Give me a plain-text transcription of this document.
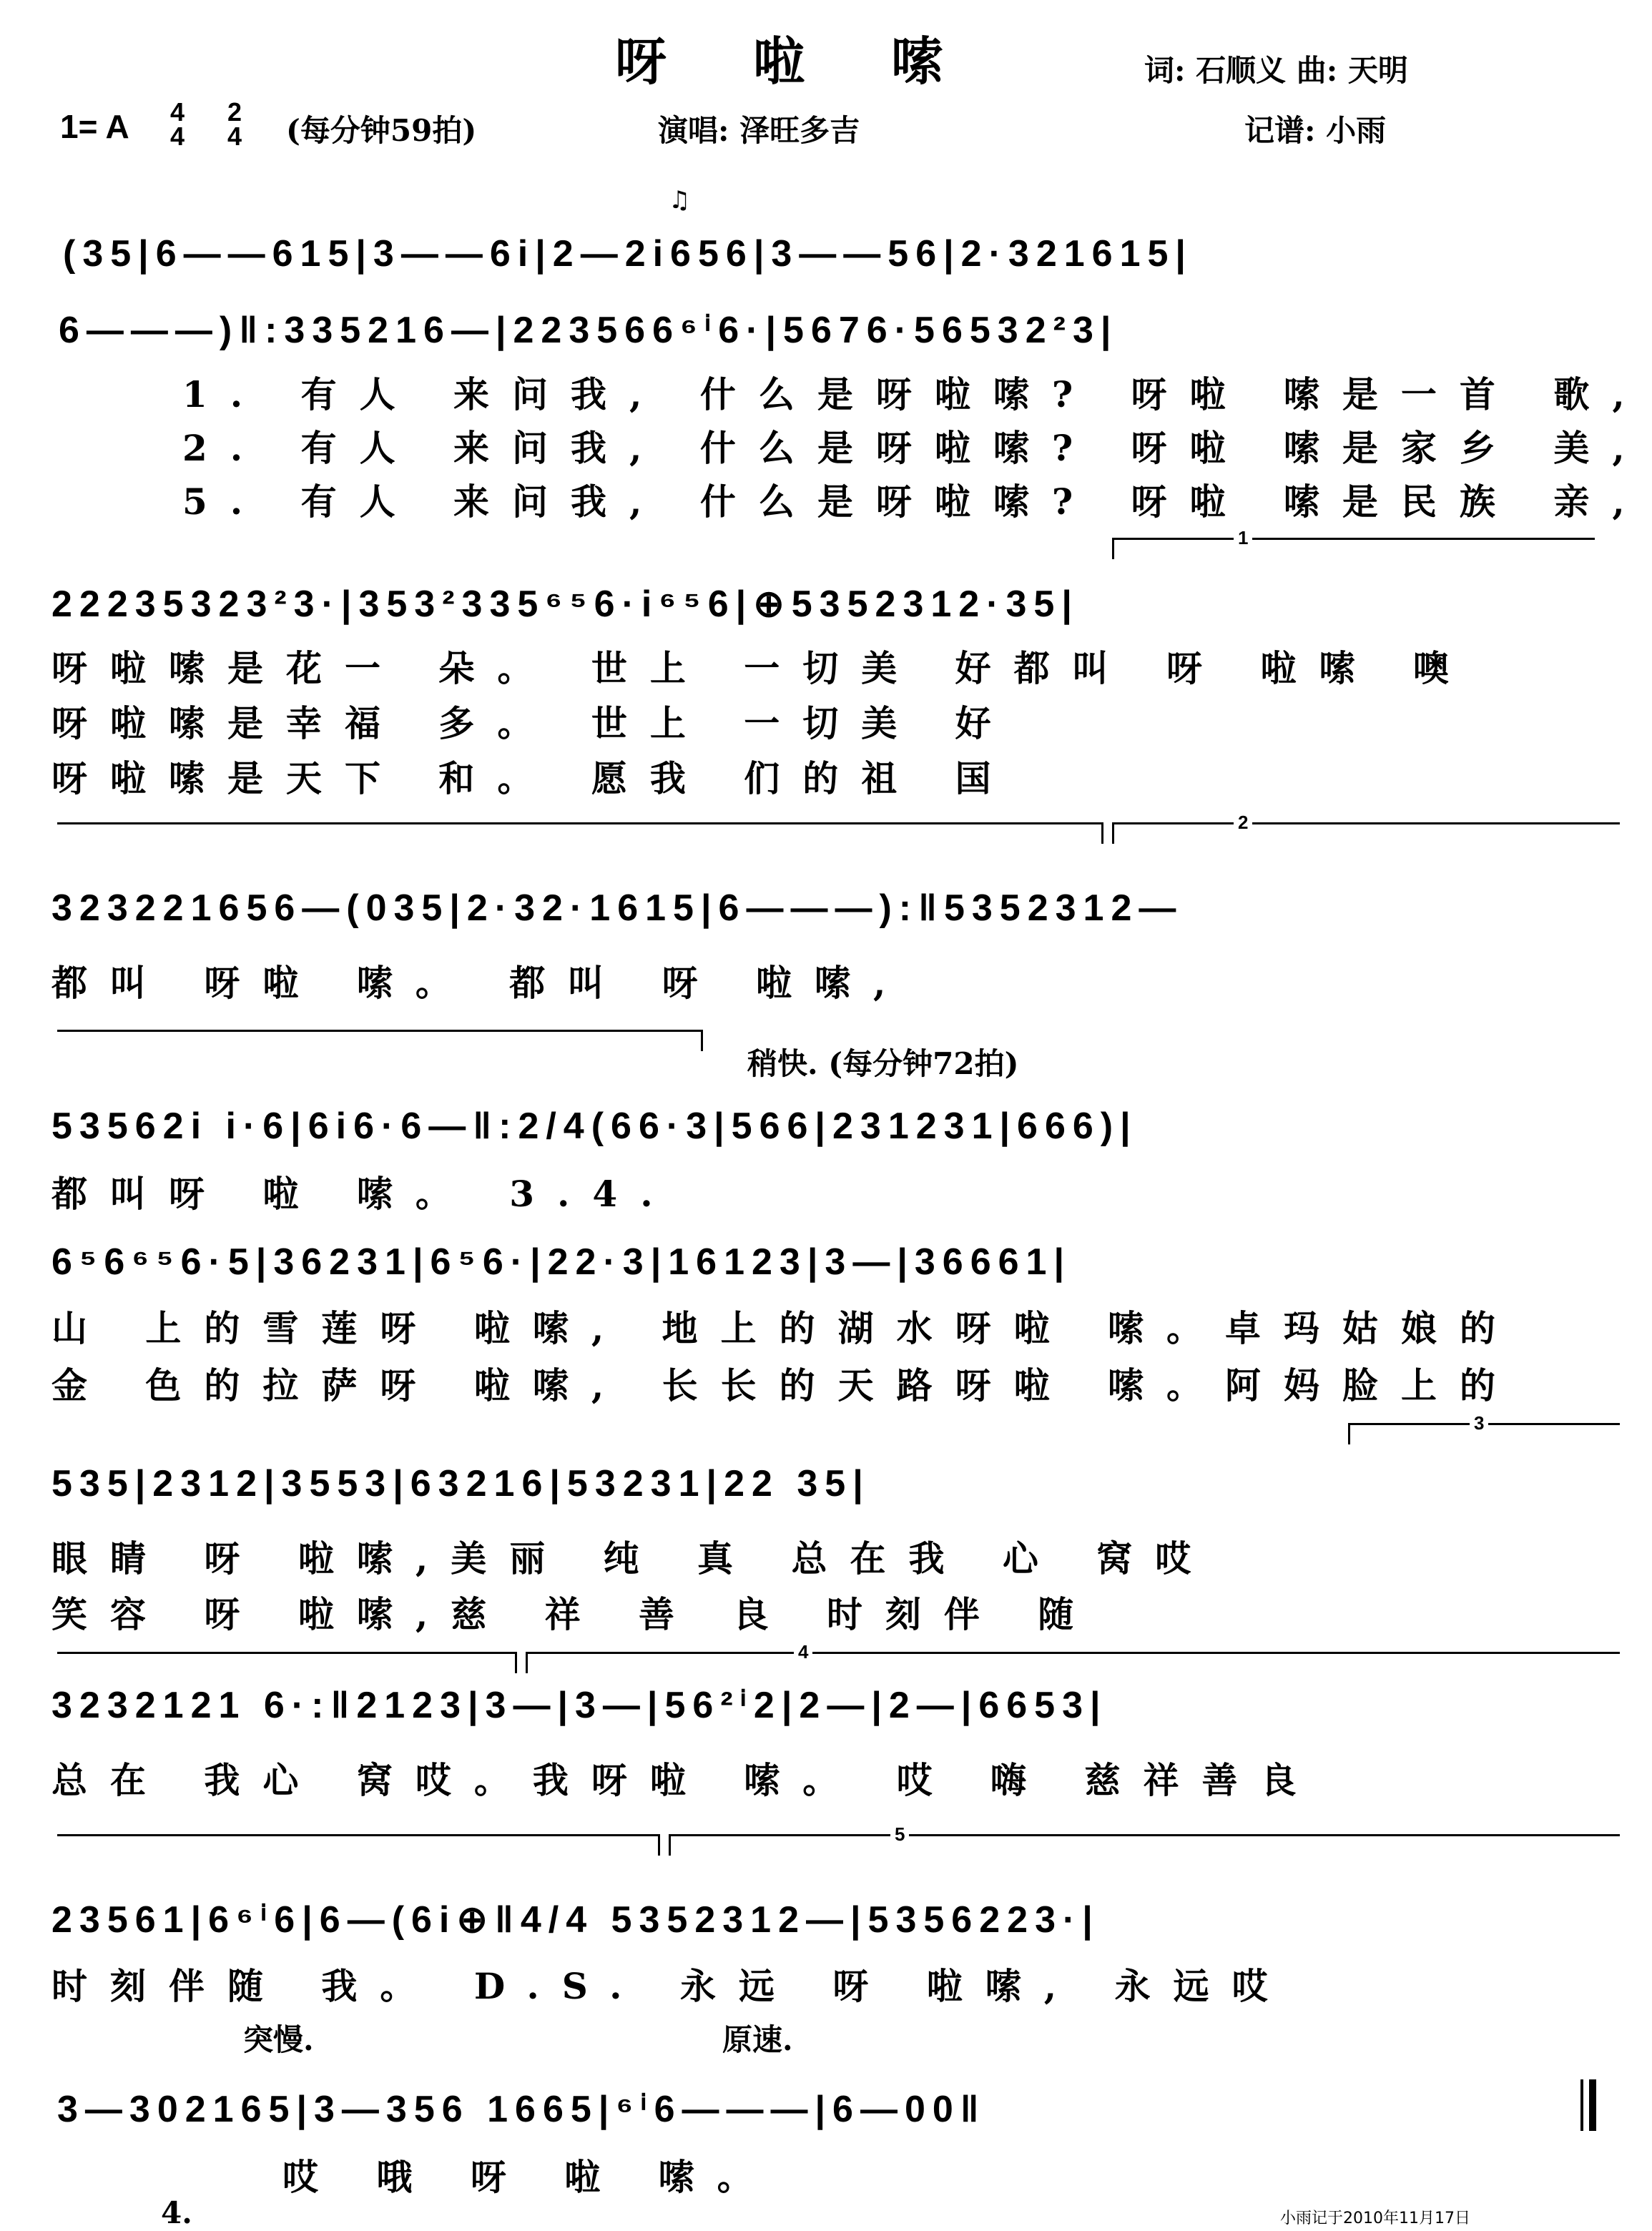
呀 啦 嗦	词: 石顺义 曲: 天明
1= A 4
4
2
4 (每分钟59拍)	演唱: 泽旺多吉	记谱: 小雨
♫
(35|6——615|3——6i|2—2i656|3——56|2·321615|
6———)‖:335216—|223566⁶ⁱ6·|5676·56532²3|
1. 有人 来问我, 什么是呀啦嗦? 呀啦 嗦是一首 歌,
2. 有人 来问我, 什么是呀啦嗦? 呀啦 嗦是家乡 美,
5. 有人 来问我, 什么是呀啦嗦? 呀啦 嗦是民族 亲,
1
22235323²3·|353²335⁶⁵6·i⁶⁵6|⊕5352312·35|
呀啦嗦是花一 朵。 世上 一切美 好都叫 呀 啦嗦 噢
呀啦嗦是幸福 多。 世上 一切美 好
呀啦嗦是天下 和。 愿我 们的祖 国
2
323221656—(035|2·32·1615|6———):‖5352312—
都叫 呀啦 嗦。 都叫 呀 啦嗦,
稍快. (每分钟72拍)
53562i i·6|6i6·6—‖:2/4(66·3|566|231231|666)|
都叫呀 啦 嗦。 3.4.
6⁵6⁶⁵6·5|36231|6⁵6·|22·3|16123|3—|36661|
山 上的雪莲呀 啦嗦, 地上的湖水呀啦 嗦。卓玛姑娘的
金 色的拉萨呀 啦嗦, 长长的天路呀啦 嗦。阿妈脸上的
3
535|2312|3553|63216|53231|22 35|
眼睛 呀 啦嗦,美丽 纯 真 总在我 心 窝哎
笑容 呀 啦嗦,慈 祥 善 良 时刻伴 随
4
3232121 6·:‖2123|3—|3—|56²ⁱ2|2—|2—|6653|
总在 我心 窝哎。我呀啦 嗦。 哎 嗨 慈祥善良
5
23561|6⁶ⁱ6|6—(6i⊕‖4/4 5352312—|5356223·|
时刻伴随 我。 D.S. 永远 呀 啦嗦, 永远哎
突慢.	原速.
3—302165|3—356 1665|⁶ⁱ6———|6—00‖
哎 哦 呀 啦 嗦。
4.	小雨记于2010年11月17日
